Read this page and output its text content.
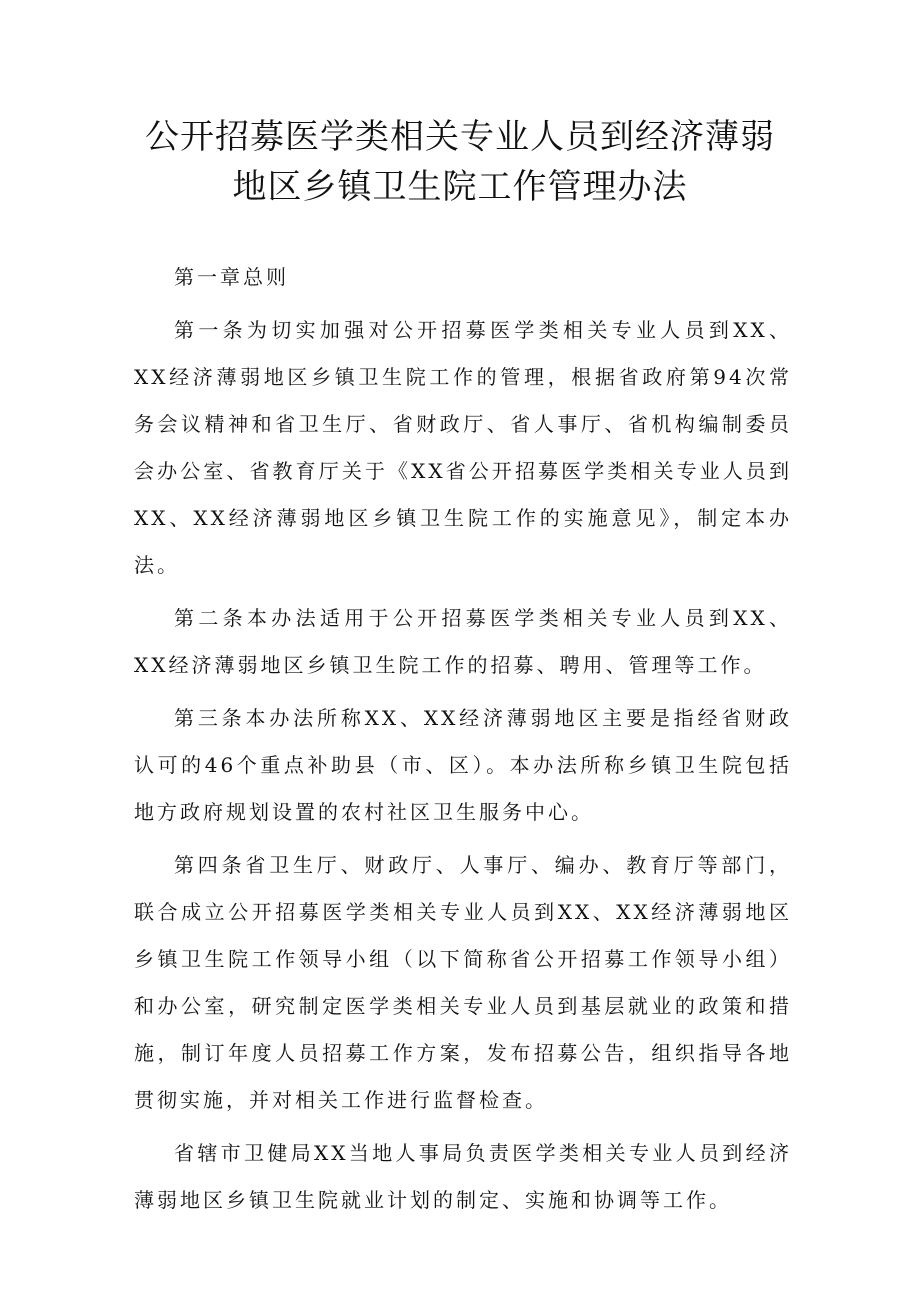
公开招募医学类相关专业人员到经济薄弱
地区乡镇卫生院工作管理办法

第一章总则

第一条为切实加强对公开招募医学类相关专业人员到XX、XX经济薄弱地区乡镇卫生院工作的管理，根据省政府第94次常务会议精神和省卫生厅、省财政厅、省人事厅、省机构编制委员会办公室、省教育厅关于《XX省公开招募医学类相关专业人员到XX、XX经济薄弱地区乡镇卫生院工作的实施意见》，制定本办法。

第二条本办法适用于公开招募医学类相关专业人员到XX、XX经济薄弱地区乡镇卫生院工作的招募、聘用、管理等工作。

第三条本办法所称XX、XX经济薄弱地区主要是指经省财政认可的46个重点补助县（市、区）。本办法所称乡镇卫生院包括地方政府规划设置的农村社区卫生服务中心。

第四条省卫生厅、财政厅、人事厅、编办、教育厅等部门，联合成立公开招募医学类相关专业人员到XX、XX经济薄弱地区乡镇卫生院工作领导小组（以下简称省公开招募工作领导小组）和办公室，研究制定医学类相关专业人员到基层就业的政策和措施，制订年度人员招募工作方案，发布招募公告，组织指导各地贯彻实施，并对相关工作进行监督检查。

省辖市卫健局XX当地人事局负责医学类相关专业人员到经济薄弱地区乡镇卫生院就业计划的制定、实施和协调等工作。
